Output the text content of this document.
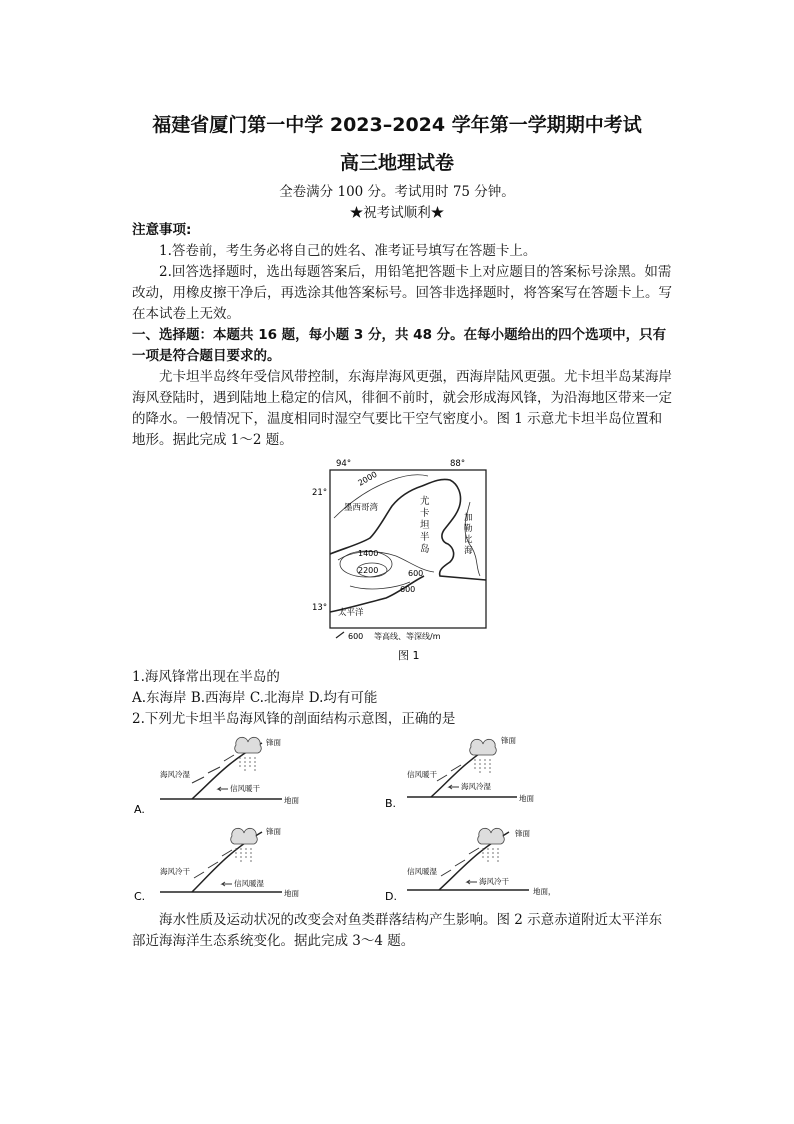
福建省厦门第一中学 2023–2024 学年第一学期期中考试
高三地理试卷
全卷满分 100 分。考试用时 75 分钟。
★祝考试顺利★

注意事项:

1.答卷前，考生务必将自己的姓名、准考证号填写在答题卡上。

2.回答选择题时，选出每题答案后，用铅笔把答题卡上对应题目的答案标号涂黑。如需改动，用橡皮擦干净后，再选涂其他答案标号。回答非选择题时，将答案写在答题卡上。写在本试卷上无效。

一、选择题：本题共 16 题，每小题 3 分，共 48 分。在每小题给出的四个选项中，只有一项是符合题目要求的。

尤卡坦半岛终年受信风带控制，东海岸海风更强，西海岸陆风更强。尤卡坦半岛某海岸海风登陆时，遇到陆地上稳定的信风，徘徊不前时，就会形成海风锋，为沿海地区带来一定的降水。一般情况下，温度相同时湿空气要比干空气密度小。图 1 示意尤卡坦半岛位置和地形。据此完成 1～2 题。

94°	88°
21°
13°
墨西哥湾
2000
1400
2200	600
600
加勒比海
尤卡坦半岛
太平洋
600 等高线、等深线/m
图 1

1.海风锋常出现在半岛的

A.东海岸 B.西海岸 C.北海岸 D.均有可能

2.下列尤卡坦半岛海风锋的剖面结构示意图，正确的是

A.
海风冷湿
信风暖干
锋面
地面	B.
信风暖干
海风冷湿
锋面
地面
C.
海风冷干
信风暖湿
锋面
地面	D.
信风暖湿
海风冷干
锋面
地面，

海水性质及运动状况的改变会对鱼类群落结构产生影响。图 2 示意赤道附近太平洋东部近海海洋生态系统变化。据此完成 3～4 题。
